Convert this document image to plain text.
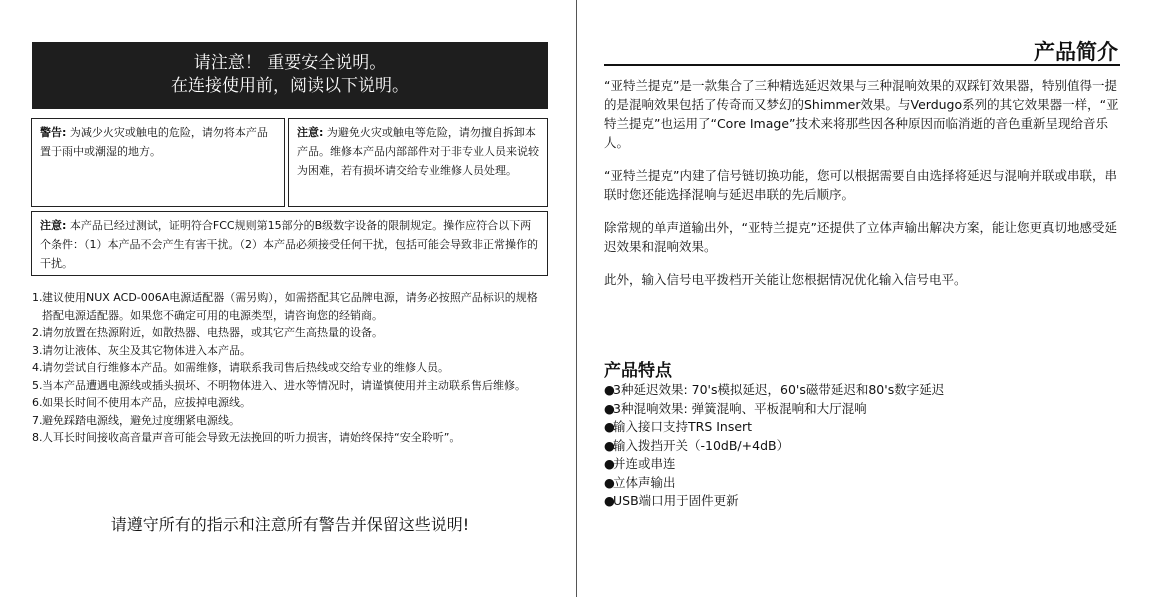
请注意！ 重要安全说明。
在连接使用前，阅读以下说明。
警告: 为减少火灾或触电的危险，请勿将本产品置于雨中或潮湿的地方。
注意: 为避免火灾或触电等危险，请勿擅自拆卸本产品。维修本产品内部部件对于非专业人员来说较为困难，若有损坏请交给专业维修人员处理。
注意: 本产品已经过测试，证明符合FCC规则第15部分的B级数字设备的限制规定。操作应符合以下两个条件：（1）本产品不会产生有害干扰。（2）本产品必须接受任何干扰，包括可能会导致非正常操作的干扰。
1. 建议使用NUX ACD-006A电源适配器（需另购），如需搭配其它品牌电源，请务必按照产品标识的规格搭配电源适配器。如果您不确定可用的电源类型，请咨询您的经销商。
2. 请勿放置在热源附近，如散热器、电热器，或其它产生高热量的设备。
3. 请勿让液体、灰尘及其它物体进入本产品。
4. 请勿尝试自行维修本产品。如需维修，请联系我司售后热线或交给专业的维修人员。
5. 当本产品遭遇电源线或插头损坏、不明物体进入、进水等情况时，请谨慎使用并主动联系售后维修。
6. 如果长时间不使用本产品，应拔掉电源线。
7. 避免踩踏电源线，避免过度绷紧电源线。
8. 人耳长时间接收高音量声音可能会导致无法挽回的听力损害，请始终保持“安全聆听”。
请遵守所有的指示和注意所有警告并保留这些说明!
产品简介

“亚特兰提克”是一款集合了三种精选延迟效果与三种混响效果的双踩钉效果器，特别值得一提的是混响效果包括了传奇而又梦幻的Shimmer效果。与Verdugo系列的其它效果器一样，“亚特兰提克”也运用了“Core Image”技术来将那些因各种原因而临消逝的音色重新呈现给音乐人。

“亚特兰提克”内建了信号链切换功能，您可以根据需要自由选择将延迟与混响并联或串联，串联时您还能选择混响与延迟串联的先后顺序。

除常规的单声道输出外，“亚特兰提克”还提供了立体声输出解决方案，能让您更真切地感受延迟效果和混响效果。

此外，输入信号电平拨档开关能让您根据情况优化输入信号电平。

产品特点
●3种延迟效果: 70's模拟延迟，60's磁带延迟和80's数字延迟
●3种混响效果: 弹簧混响、平板混响和大厅混响
●输入接口支持TRS Insert
●输入拨挡开关（-10dB/+4dB）
●并连或串连
●立体声输出
●USB端口用于固件更新
